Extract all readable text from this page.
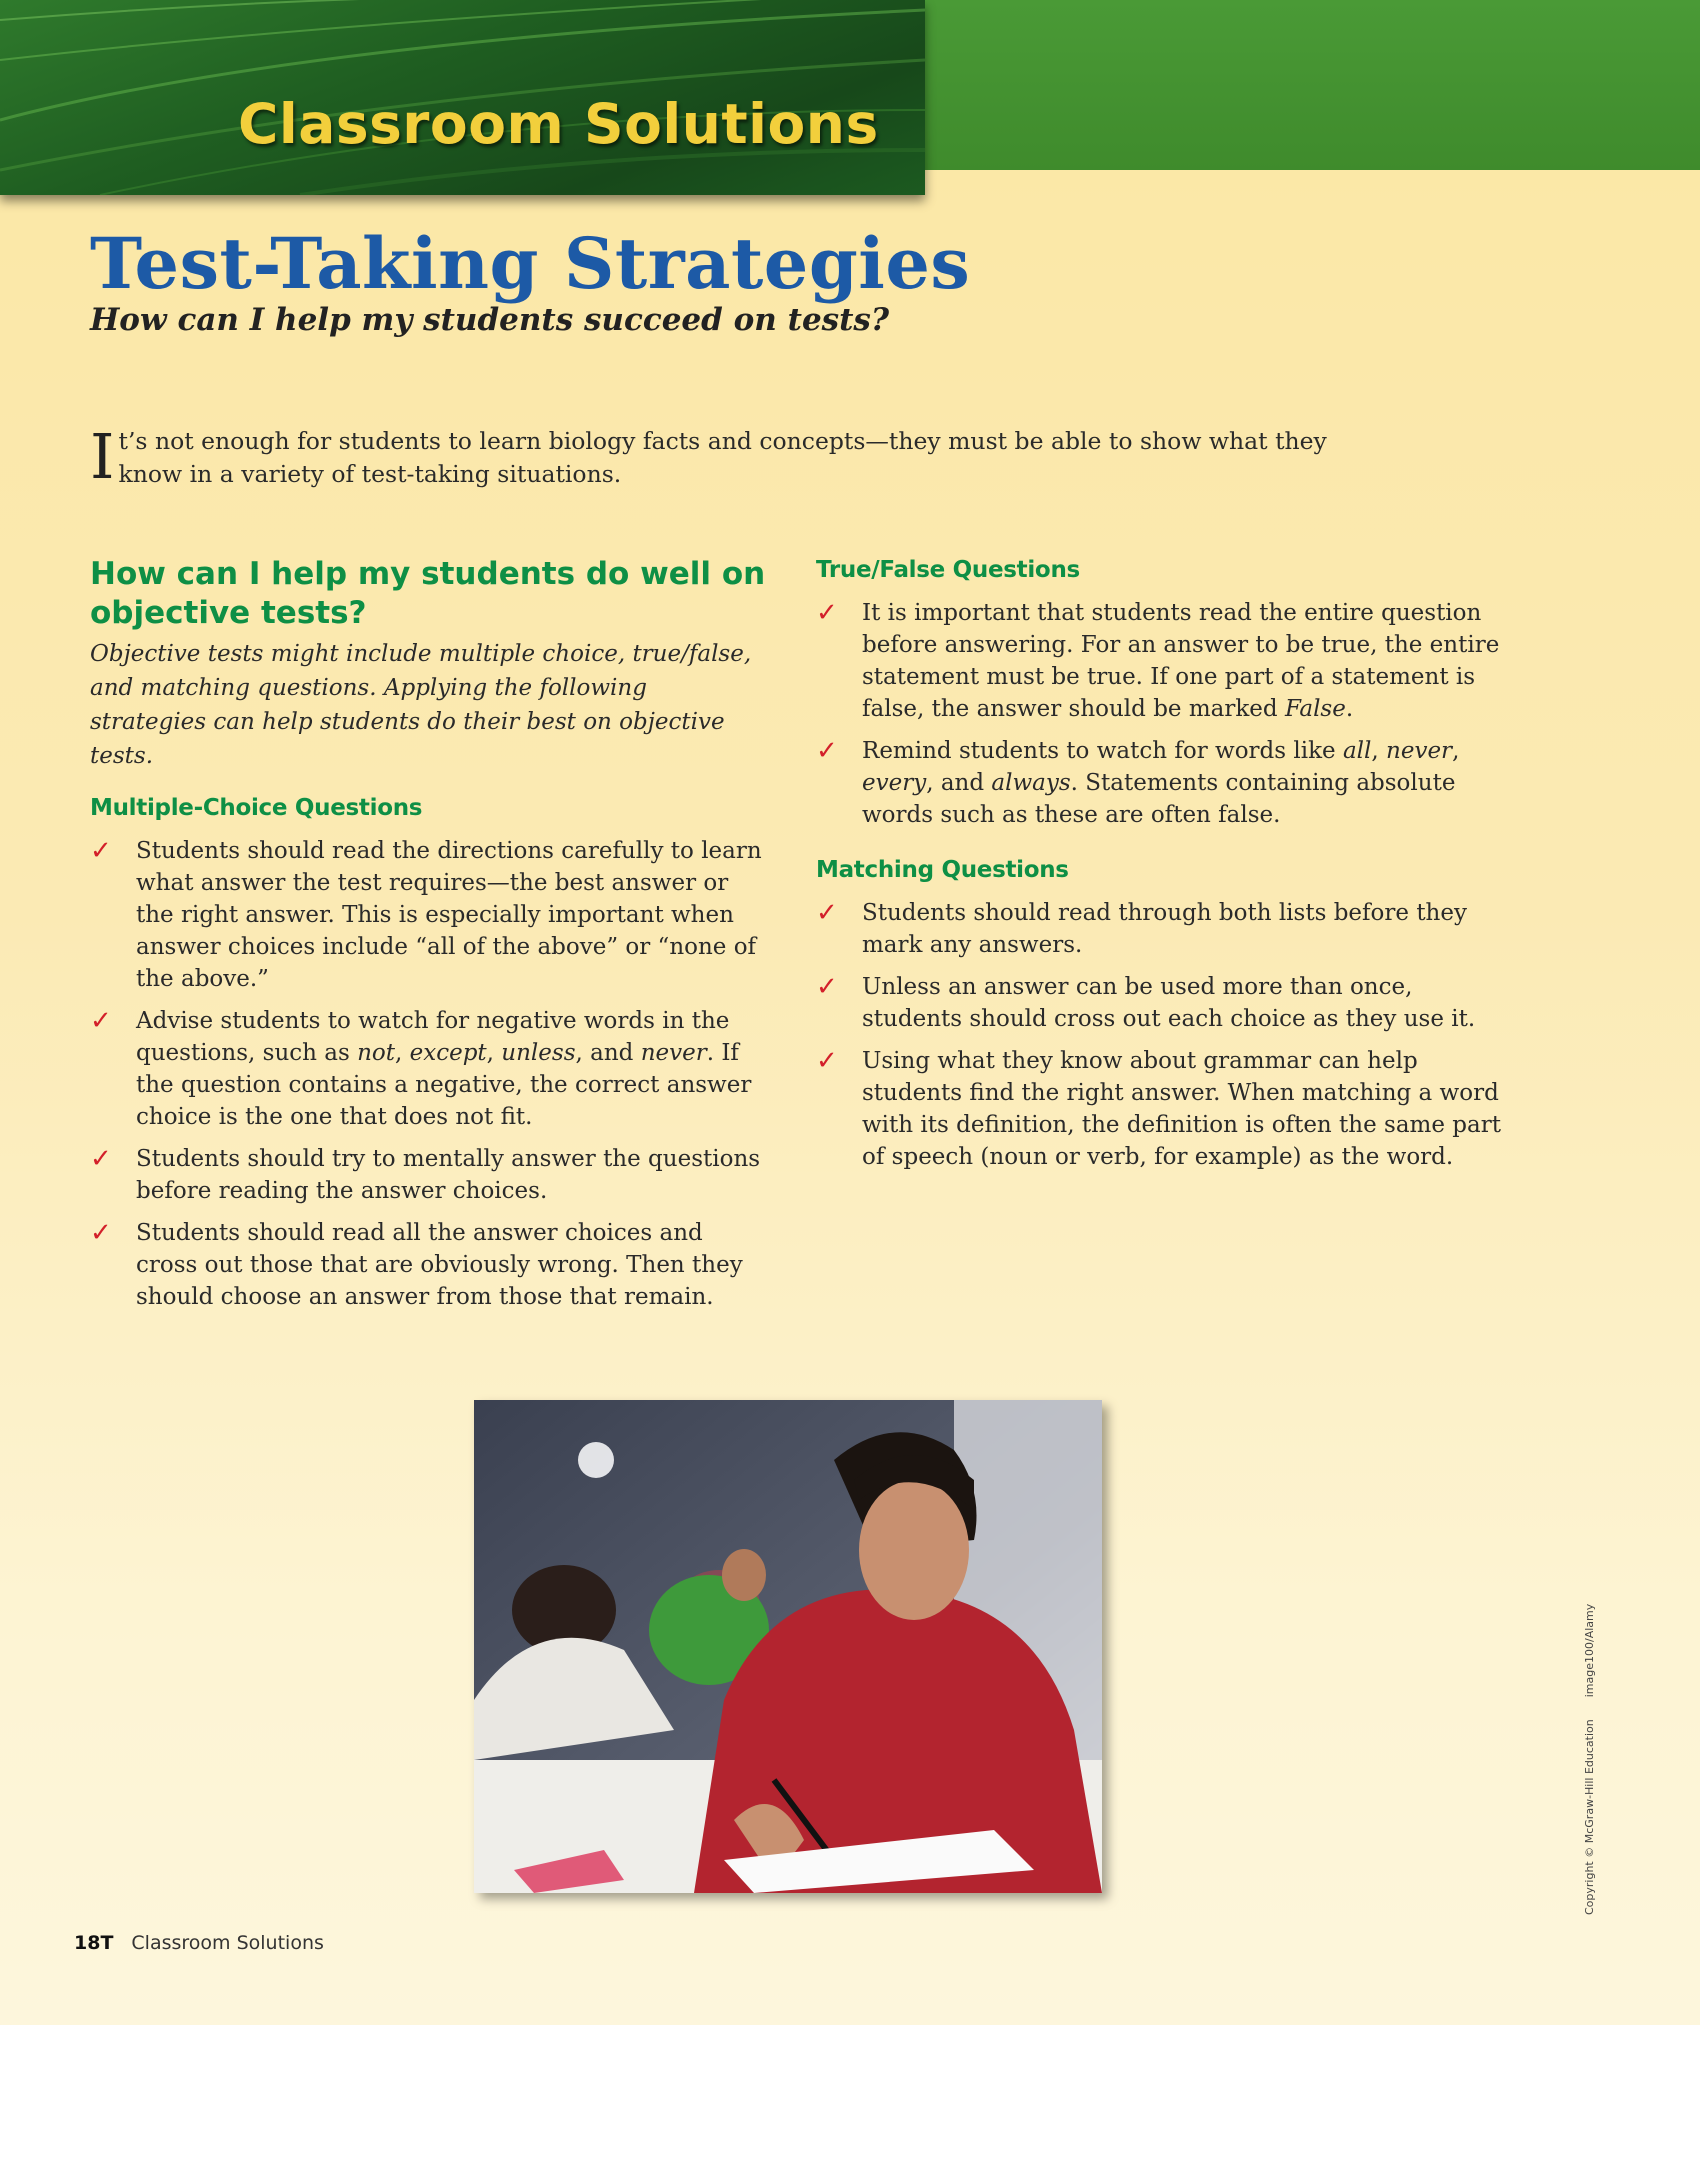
Classroom Solutions
Test-Taking Strategies
How can I help my students succeed on tests?
It’s not enough for students to learn biology facts and concepts—they must be able to show what they know in a variety of test-taking situations.
How can I help my students do well on objective tests?
Objective tests might include multiple choice, true/false, and matching questions. Applying the following strategies can help students do their best on objective tests.
Multiple-Choice Questions
✓ Students should read the directions carefully to learn what answer the test requires—the best answer or the right answer. This is especially important when answer choices include “all of the above” or “none of the above.”
✓ Advise students to watch for negative words in the questions, such as not, except, unless, and never. If the question contains a negative, the correct answer choice is the one that does not fit.
✓ Students should try to mentally answer the questions before reading the answer choices.
✓ Students should read all the answer choices and cross out those that are obviously wrong. Then they should choose an answer from those that remain.
True/False Questions
✓ It is important that students read the entire question before answering. For an answer to be true, the entire statement must be true. If one part of a statement is false, the answer should be marked False.
✓ Remind students to watch for words like all, never, every, and always. Statements containing absolute words such as these are often false.
Matching Questions
✓ Students should read through both lists before they mark any answers.
✓ Unless an answer can be used more than once, students should cross out each choice as they use it.
✓ Using what they know about grammar can help students find the right answer. When matching a word with its definition, the definition is often the same part of speech (noun or verb, for example) as the word.
18T Classroom Solutions
Copyright © McGraw-Hill Educationimage100/Alamy
